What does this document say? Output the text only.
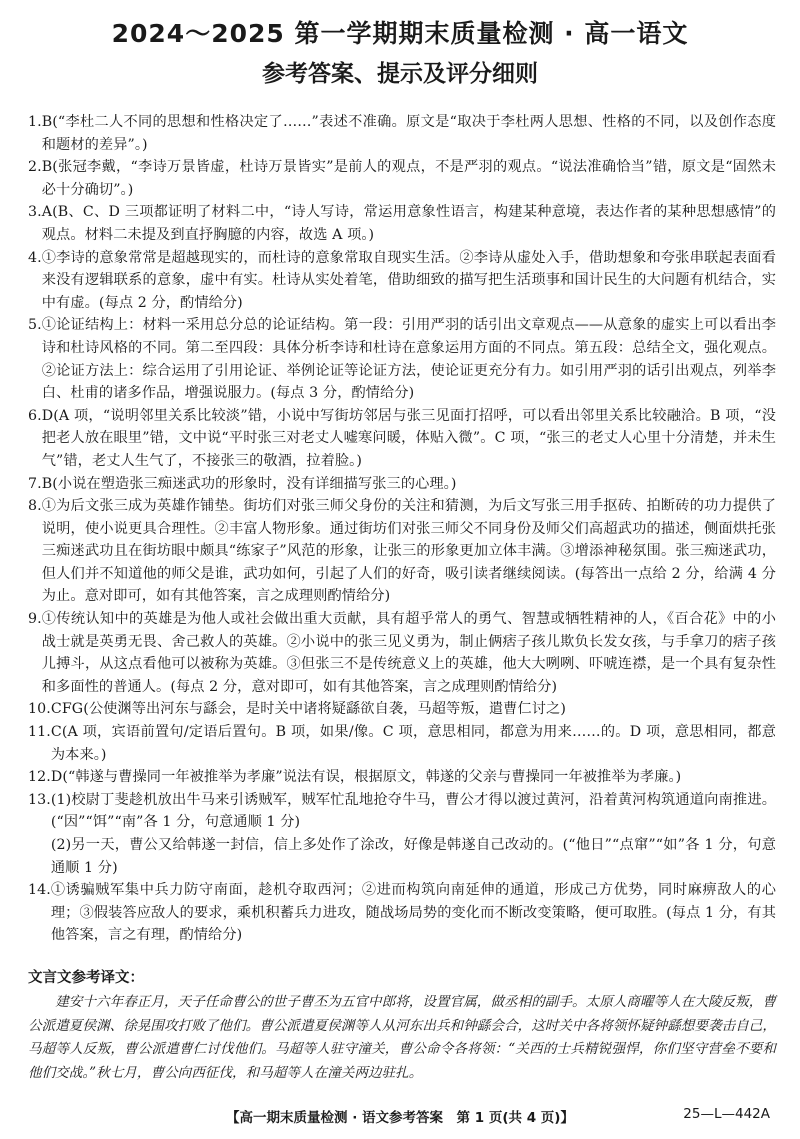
2024～2025 第一学期期末质量检测 · 高一语文
参考答案、提示及评分细则
1. B(“李杜二人不同的思想和性格决定了……”表述不准确。原文是“取决于李杜两人思想、性格的不同，以及创作态度和题材的差异”。)
2. B(张冠李戴，“李诗万景皆虚，杜诗万景皆实”是前人的观点，不是严羽的观点。“说法准确恰当”错，原文是“固然未必十分确切”。)
3. A(B、C、D 三项都证明了材料二中，“诗人写诗，常运用意象性语言，构建某种意境，表达作者的某种思想感情”的观点。材料二未提及到直抒胸臆的内容，故选 A 项。)
4. ①李诗的意象常常是超越现实的，而杜诗的意象常取自现实生活。②李诗从虚处入手，借助想象和夸张串联起表面看来没有逻辑联系的意象，虚中有实。杜诗从实处着笔，借助细致的描写把生活琐事和国计民生的大问题有机结合，实中有虚。(每点 2 分，酌情给分)
5. ①论证结构上：材料一采用总分总的论证结构。第一段：引用严羽的话引出文章观点——从意象的虚实上可以看出李诗和杜诗风格的不同。第二至四段：具体分析李诗和杜诗在意象运用方面的不同点。第五段：总结全文，强化观点。②论证方法上：综合运用了引用论证、举例论证等论证方法，使论证更充分有力。如引用严羽的话引出观点，列举李白、杜甫的诸多作品，增强说服力。(每点 3 分，酌情给分)
6. D(A 项，“说明邻里关系比较淡”错，小说中写街坊邻居与张三见面打招呼，可以看出邻里关系比较融洽。B 项，“没把老人放在眼里”错，文中说“平时张三对老丈人嘘寒问暖，体贴入微”。C 项，“张三的老丈人心里十分清楚，并未生气”错，老丈人生气了，不接张三的敬酒，拉着脸。)
7. B(小说在塑造张三痴迷武功的形象时，没有详细描写张三的心理。)
8. ①为后文张三成为英雄作铺垫。街坊们对张三师父身份的关注和猜测，为后文写张三用手抠砖、拍断砖的功力提供了说明，使小说更具合理性。②丰富人物形象。通过街坊们对张三师父不同身份及师父们高超武功的描述，侧面烘托张三痴迷武功且在街坊眼中颇具“练家子”风范的形象，让张三的形象更加立体丰满。③增添神秘氛围。张三痴迷武功，但人们并不知道他的师父是谁，武功如何，引起了人们的好奇，吸引读者继续阅读。(每答出一点给 2 分，给满 4 分为止。意对即可，如有其他答案，言之成理则酌情给分)
9. ①传统认知中的英雄是为他人或社会做出重大贡献，具有超乎常人的勇气、智慧或牺牲精神的人，《百合花》中的小战士就是英勇无畏、舍己救人的英雄。②小说中的张三见义勇为，制止俩痞子孩儿欺负长发女孩，与手拿刀的痞子孩儿搏斗，从这点看他可以被称为英雄。③但张三不是传统意义上的英雄，他大大咧咧、吓唬连襟，是一个具有复杂性和多面性的普通人。(每点 2 分，意对即可，如有其他答案，言之成理则酌情给分)
10. CFG(公使渊等出河东与繇会，是时关中诸将疑繇欲自袭，马超等叛，遣曹仁讨之)
11. C(A 项，宾语前置句/定语后置句。B 项，如果/像。C 项，意思相同，都意为用来……的。D 项，意思相同，都意为本来。)
12. D(“韩遂与曹操同一年被推举为孝廉”说法有误，根据原文，韩遂的父亲与曹操同一年被推举为孝廉。)
13. (1)校尉丁斐趁机放出牛马来引诱贼军，贼军忙乱地抢夺牛马，曹公才得以渡过黄河，沿着黄河构筑通道向南推进。(“因”“饵”“南”各 1 分，句意通顺 1 分)
(2)另一天，曹公又给韩遂一封信，信上多处作了涂改，好像是韩遂自己改动的。(“他日”“点窜”“如”各 1 分，句意通顺 1 分)
14. ①诱骗贼军集中兵力防守南面，趁机夺取西河；②进而构筑向南延伸的通道，形成己方优势，同时麻痹敌人的心理；③假装答应敌人的要求，乘机积蓄兵力进攻，随战场局势的变化而不断改变策略，便可取胜。(每点 1 分，有其他答案，言之有理，酌情给分)
文言文参考译文：
建安十六年春正月，天子任命曹公的世子曹丕为五官中郎将，设置官属，做丞相的副手。太原人商曜等人在大陵反叛，曹公派遣夏侯渊、徐晃围攻打败了他们。曹公派遣夏侯渊等人从河东出兵和钟繇会合，这时关中各将领怀疑钟繇想要袭击自己，马超等人反叛，曹公派遣曹仁讨伐他们。马超等人驻守潼关，曹公命令各将领：“关西的士兵精锐强悍，你们坚守营垒不要和他们交战。”秋七月，曹公向西征伐，和马超等人在潼关两边驻扎。
【高一期末质量检测 · 语文参考答案　第 1 页(共 4 页)】	25—L—442A
